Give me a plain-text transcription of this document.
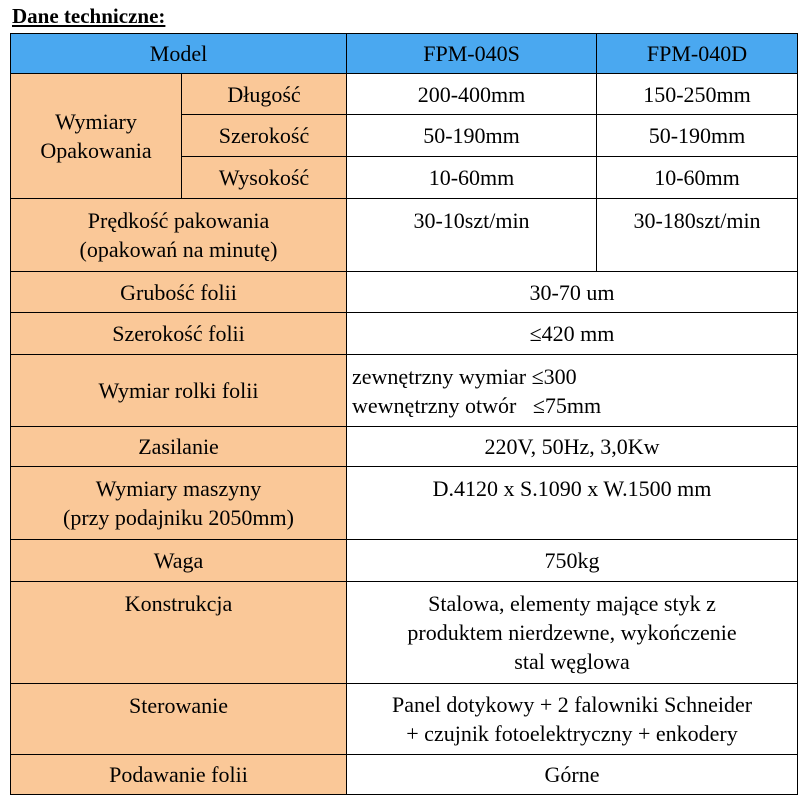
Dane techniczne:
Model		FPM-040S	FPM-040D

Wymiary
Opakowania	Długość	200-400mm	150-250mm
	Szerokość	50-190mm	50-190mm
	Wysokość	10-60mm	10-60mm

Prędkość pakowania
(opakowań na minutę)		30-10szt/min	30-180szt/min
Grubość folii		30-70 um	
Szerokość folii		≤420 mm	
Wymiar rolki folii		zewnętrzny wymiar ≤300
wewnętrzny otwór   ≤75mm	

Zasilanie		220V, 50Hz, 3,0Kw	

Wymiary maszyny
(przy podajniku 2050mm)		D.4120 x S.1090 x W.1500 mm	
Waga		750kg	
Konstrukcja		Stalowa, elementy mające styk z
produktem nierdzewne, wykończenie
stal węglowa	

Sterowanie		Panel dotykowy + 2 falowniki Schneider
+ czujnik fotoelektryczny + enkodery	

Podawanie folii		Górne	
